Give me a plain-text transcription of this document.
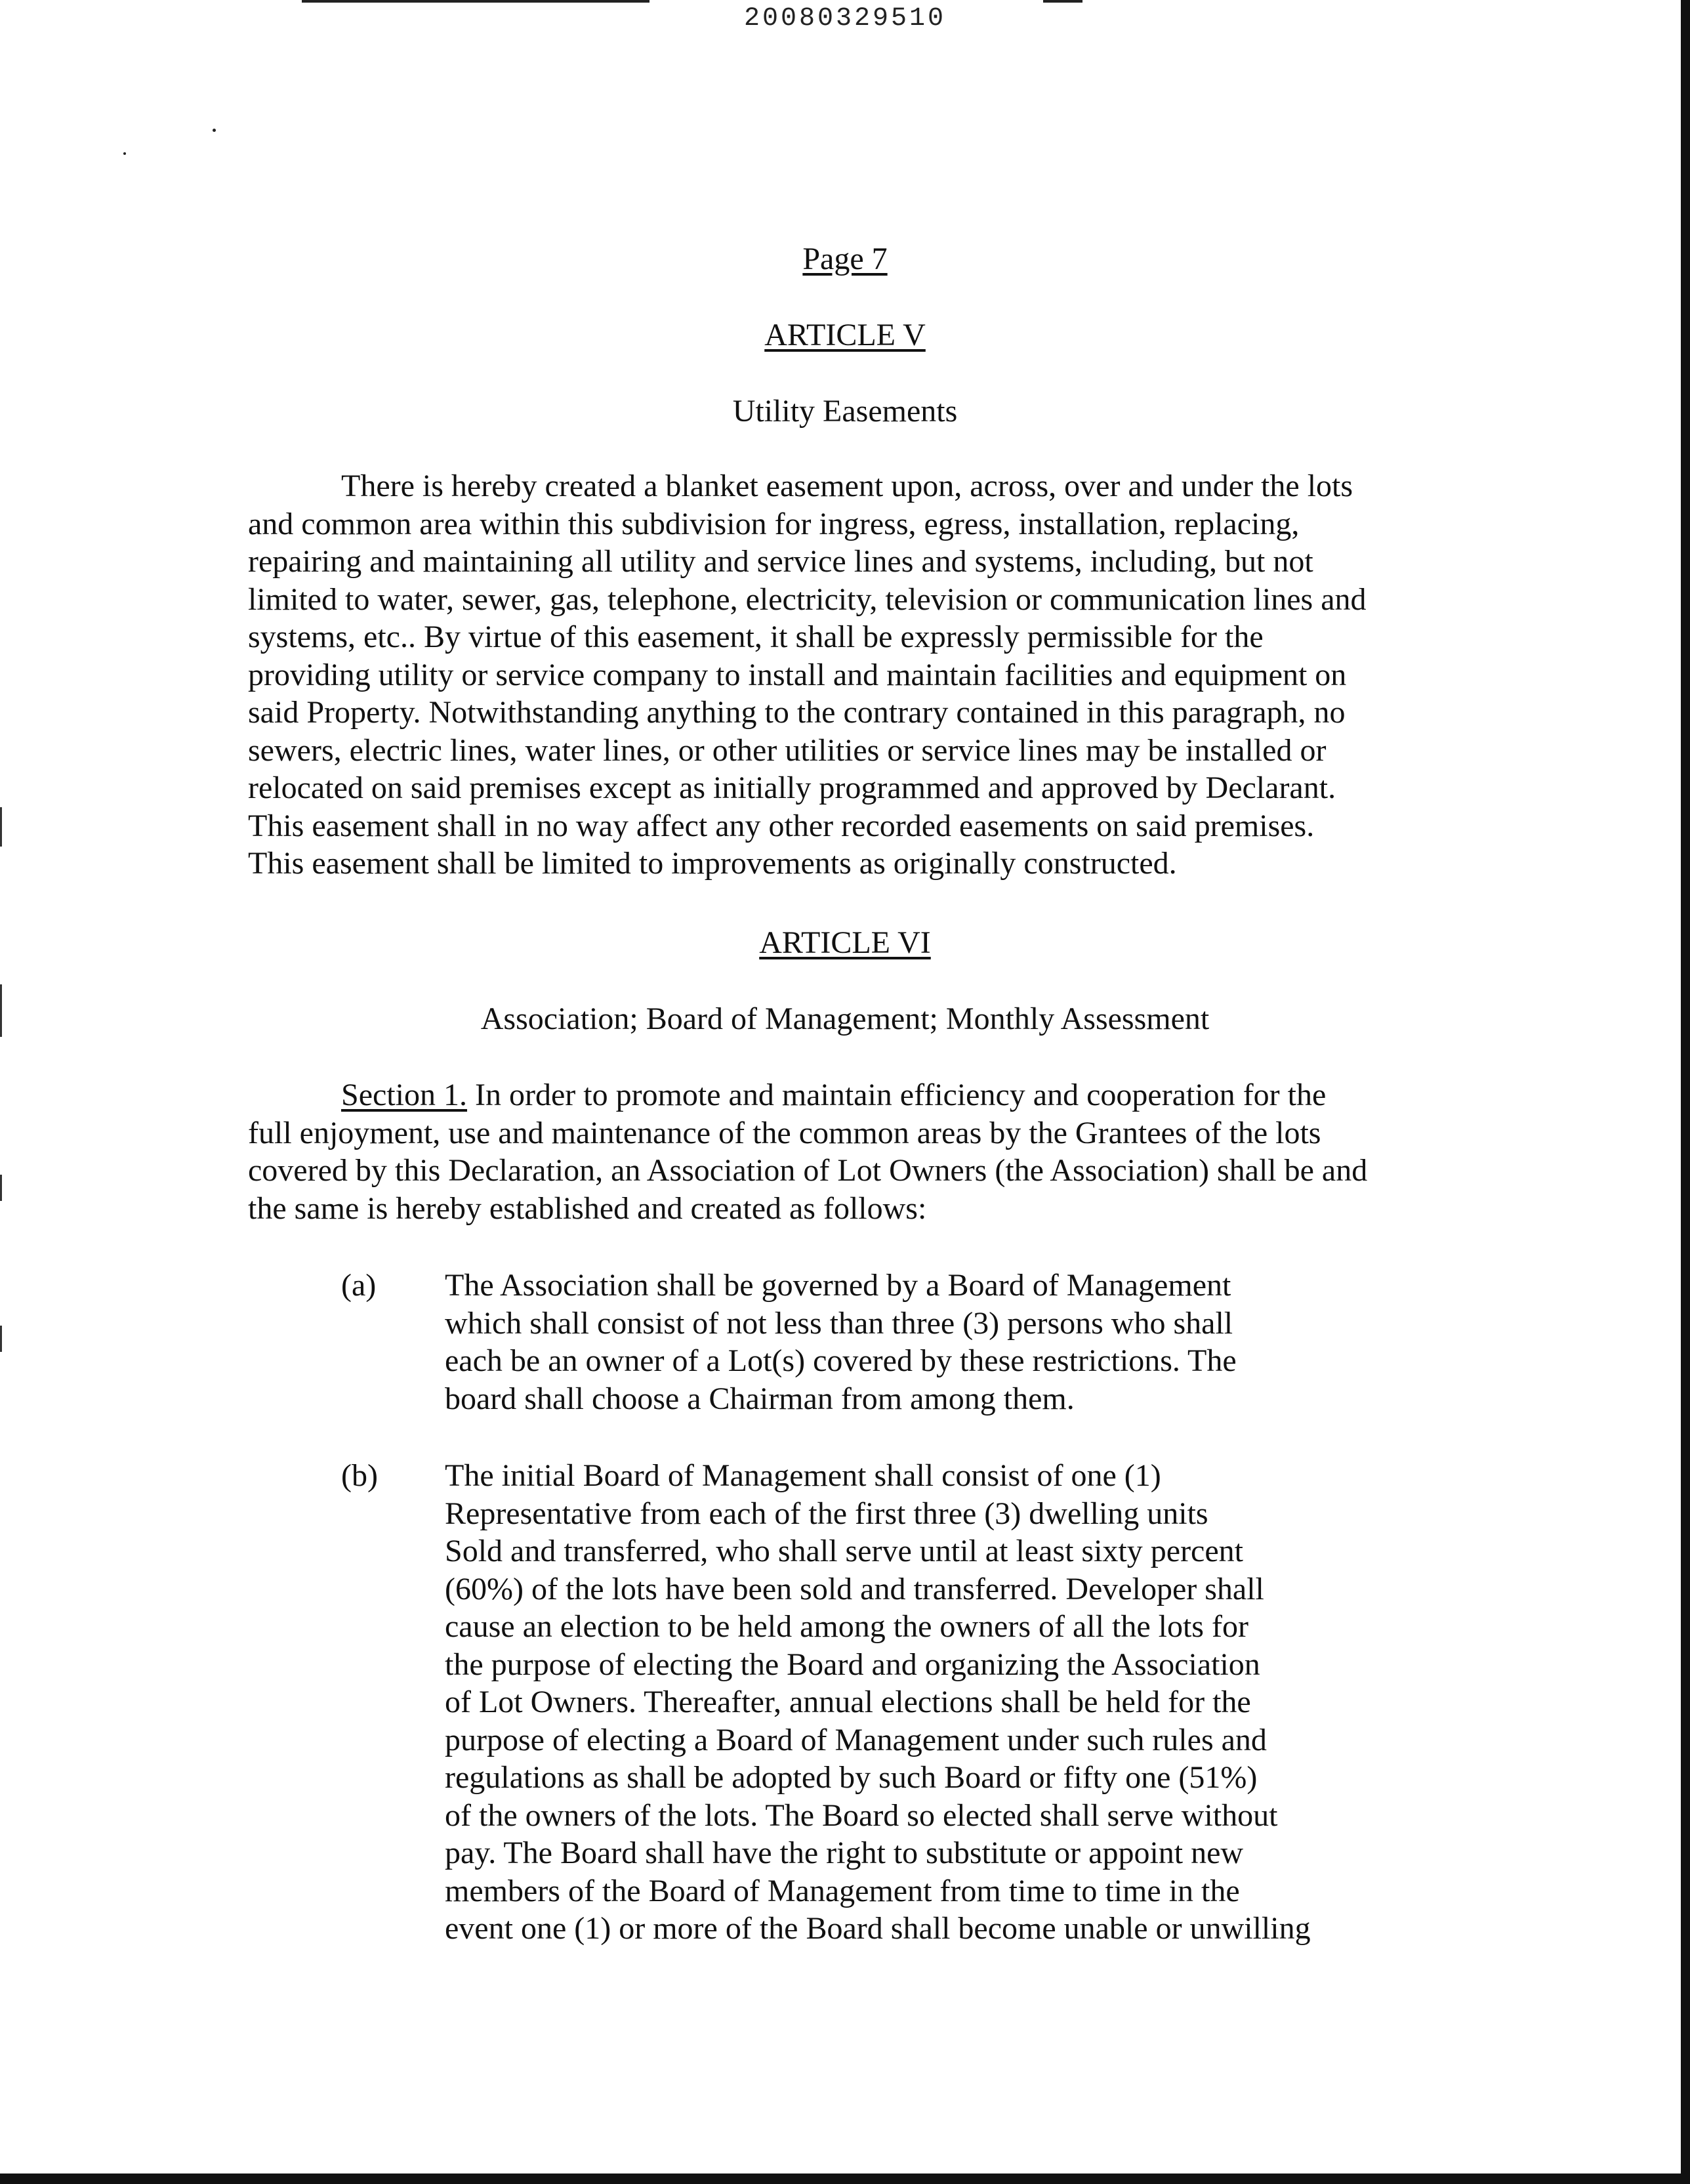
20080329510
Page 7
ARTICLE V
Utility Easements
There is hereby created a blanket easement upon, across, over and under the lots
and common area within this subdivision for ingress, egress, installation, replacing,
repairing and maintaining all utility and service lines and systems, including, but not
limited to water, sewer, gas, telephone, electricity, television or communication lines and
systems, etc.. By virtue of this easement, it shall be expressly permissible for the
providing utility or service company to install and maintain facilities and equipment on
said Property. Notwithstanding anything to the contrary contained in this paragraph, no
sewers, electric lines, water lines, or other utilities or service lines may be installed or
relocated on said premises except as initially programmed and approved by Declarant.
This easement shall in no way affect any other recorded easements on said premises.
This easement shall be limited to improvements as originally constructed.
ARTICLE VI
Association; Board of Management; Monthly Assessment
Section 1. In order to promote and maintain efficiency and cooperation for the
full enjoyment, use and maintenance of the common areas by the Grantees of the lots
covered by this Declaration, an Association of Lot Owners (the Association) shall be and
the same is hereby established and created as follows:
(a) The Association shall be governed by a Board of Management
which shall consist of not less than three (3) persons who shall
each be an owner of a Lot(s) covered by these restrictions. The
board shall choose a Chairman from among them.
(b) The initial Board of Management shall consist of one (1)
Representative from each of the first three (3) dwelling units
Sold and transferred, who shall serve until at least sixty percent
(60%) of the lots have been sold and transferred. Developer shall
cause an election to be held among the owners of all the lots for
the purpose of electing the Board and organizing the Association
of Lot Owners. Thereafter, annual elections shall be held for the
purpose of electing a Board of Management under such rules and
regulations as shall be adopted by such Board or fifty one (51%)
of the owners of the lots. The Board so elected shall serve without
pay. The Board shall have the right to substitute or appoint new
members of the Board of Management from time to time in the
event one (1) or more of the Board shall become unable or unwilling
